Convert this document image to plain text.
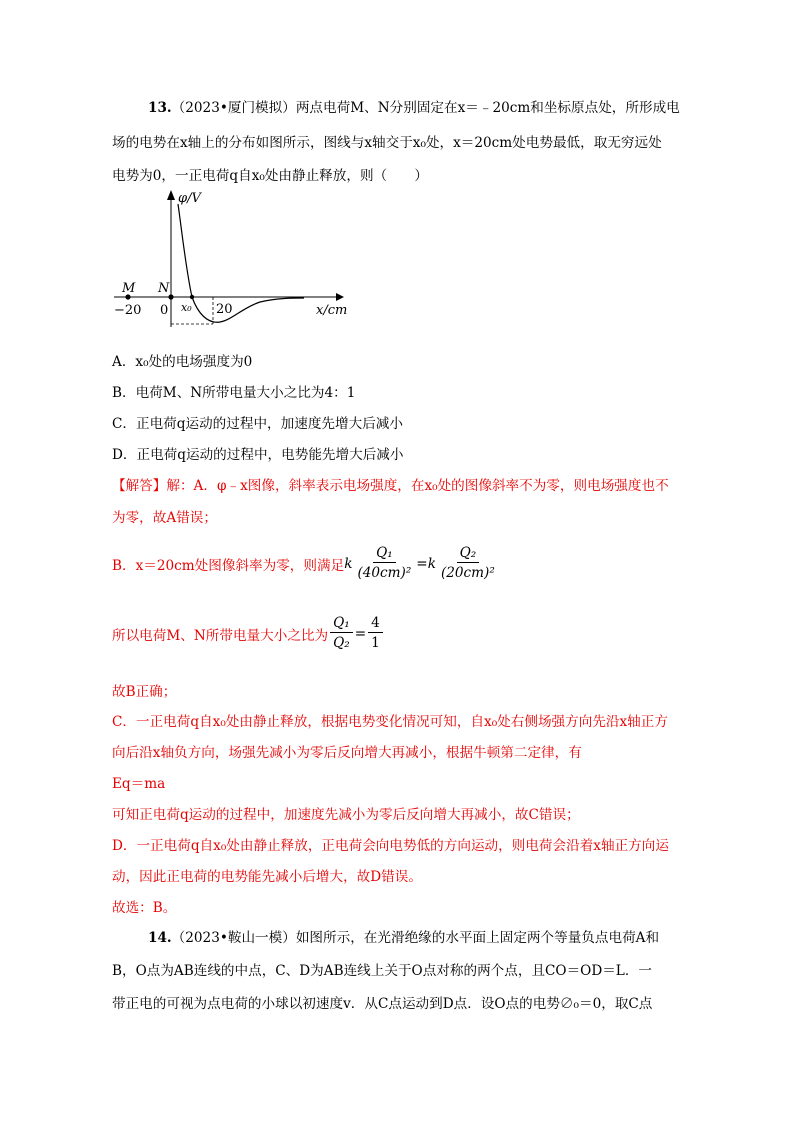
13.（2023•厦门模拟）两点电荷M、N分别固定在x＝﹣20cm和坐标原点处，所形成电
场的电势在x轴上的分布如图所示，图线与x轴交于x₀处，x＝20cm处电势最低，取无穷远处
电势为0，一正电荷q自x₀处由静止释放，则（　　）
φ/V
M N
−20 0 x₀ 20	x/cm
A．x₀处的电场强度为0
B．电荷M、N所带电量大小之比为4：1
C．正电荷q运动的过程中，加速度先增大后减小
D．正电荷q运动的过程中，电势能先增大后减小
【解答】解：A．φ﹣x图像，斜率表示电场强度，在x₀处的图像斜率不为零，则电场强度也不
为零，故A错误；
B．x＝20cm处图像斜率为零，则满足 k $\frac{\text{Q₁}}{\text{(40cm)²}} = k \frac{\text{Q₂}}{\text{(20cm)²}}$
所以电荷M、N所带电量大小之比为 $\frac{\text{Q₁}}{\text{Q₂}} = \frac{4}{1}$
故B正确；
C．一正电荷q自x₀处由静止释放，根据电势变化情况可知，自x₀处右侧场强方向先沿x轴正方
向后沿x轴负方向，场强先减小为零后反向增大再减小，根据牛顿第二定律，有
Eq＝ma
可知正电荷q运动的过程中，加速度先减小为零后反向增大再减小，故C错误；
D．一正电荷q自x₀处由静止释放，正电荷会向电势低的方向运动，则电荷会沿着x轴正方向运
动，因此正电荷的电势能先减小后增大，故D错误。
故选：B。
14.（2023•鞍山一模）如图所示，在光滑绝缘的水平面上固定两个等量负点电荷A和
B，O点为AB连线的中点，C、D为AB连线上关于O点对称的两个点，且CO＝OD＝L．一
带正电的可视为点电荷的小球以初速度v．从C点运动到D点．设O点的电势∅₀＝0，取C点
